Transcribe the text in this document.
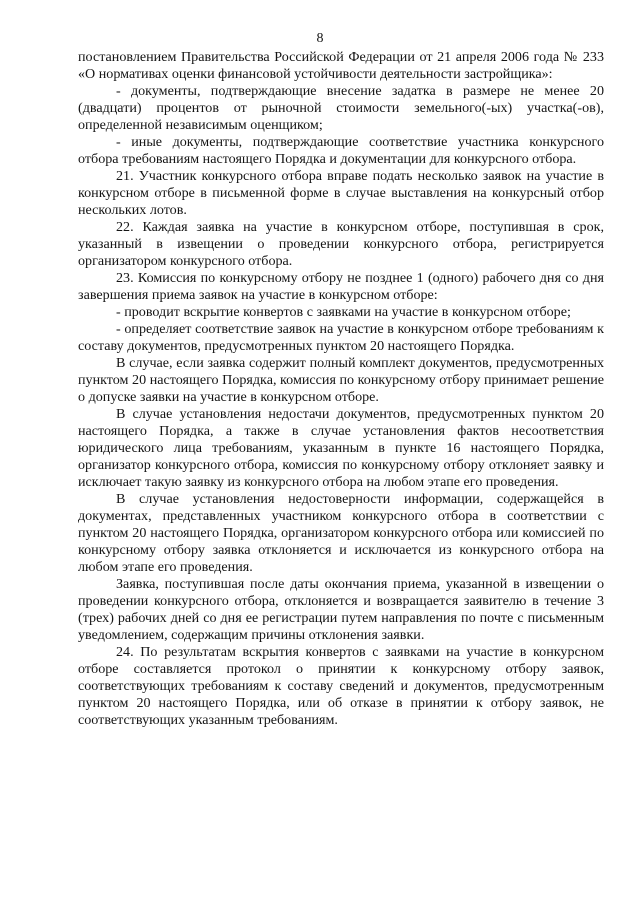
8

постановлением Правительства Российской Федерации от 21 апреля 2006 года № 233 «О нормативах оценки финансовой устойчивости деятельности застройщика»:

- документы, подтверждающие внесение задатка в размере не менее 20 (двадцати) процентов от рыночной стоимости земельного(-ых) участка(-ов), определенной независимым оценщиком;

- иные документы, подтверждающие соответствие участника конкурсного отбора требованиям настоящего Порядка и документации для конкурсного отбора.

21. Участник конкурсного отбора вправе подать несколько заявок на участие в конкурсном отборе в письменной форме в случае выставления на конкурсный отбор нескольких лотов.

22. Каждая заявка на участие в конкурсном отборе, поступившая в срок, указанный в извещении о проведении конкурсного отбора, регистрируется организатором конкурсного отбора.

23. Комиссия по конкурсному отбору не позднее 1 (одного) рабочего дня со дня завершения приема заявок на участие в конкурсном отборе:

- проводит вскрытие конвертов с заявками на участие в конкурсном отборе;

- определяет соответствие заявок на участие в конкурсном отборе требованиям к составу документов, предусмотренных пунктом 20 настоящего Порядка.

В случае, если заявка содержит полный комплект документов, предусмотренных пунктом 20 настоящего Порядка, комиссия по конкурсному отбору принимает решение о допуске заявки на участие в конкурсном отборе.

В случае установления недостачи документов, предусмотренных пунктом 20 настоящего Порядка, а также в случае установления фактов несоответствия юридического лица требованиям, указанным в пункте 16 настоящего Порядка, организатор конкурсного отбора, комиссия по конкурсному отбору отклоняет заявку и исключает такую заявку из конкурсного отбора на любом этапе его проведения.

В случае установления недостоверности информации, содержащейся в документах, представленных участником конкурсного отбора в соответствии с пунктом 20 настоящего Порядка, организатором конкурсного отбора или комиссией по конкурсному отбору заявка отклоняется и исключается из конкурсного отбора на любом этапе его проведения.

Заявка, поступившая после даты окончания приема, указанной в извещении о проведении конкурсного отбора, отклоняется и возвращается заявителю в течение 3 (трех) рабочих дней со дня ее регистрации путем направления по почте с письменным уведомлением, содержащим причины отклонения заявки.

24. По результатам вскрытия конвертов с заявками на участие в конкурсном отборе составляется протокол о принятии к конкурсному отбору заявок, соответствующих требованиям к составу сведений и документов, предусмотренным пунктом 20 настоящего Порядка, или об отказе в принятии к отбору заявок, не соответствующих указанным требованиям.
